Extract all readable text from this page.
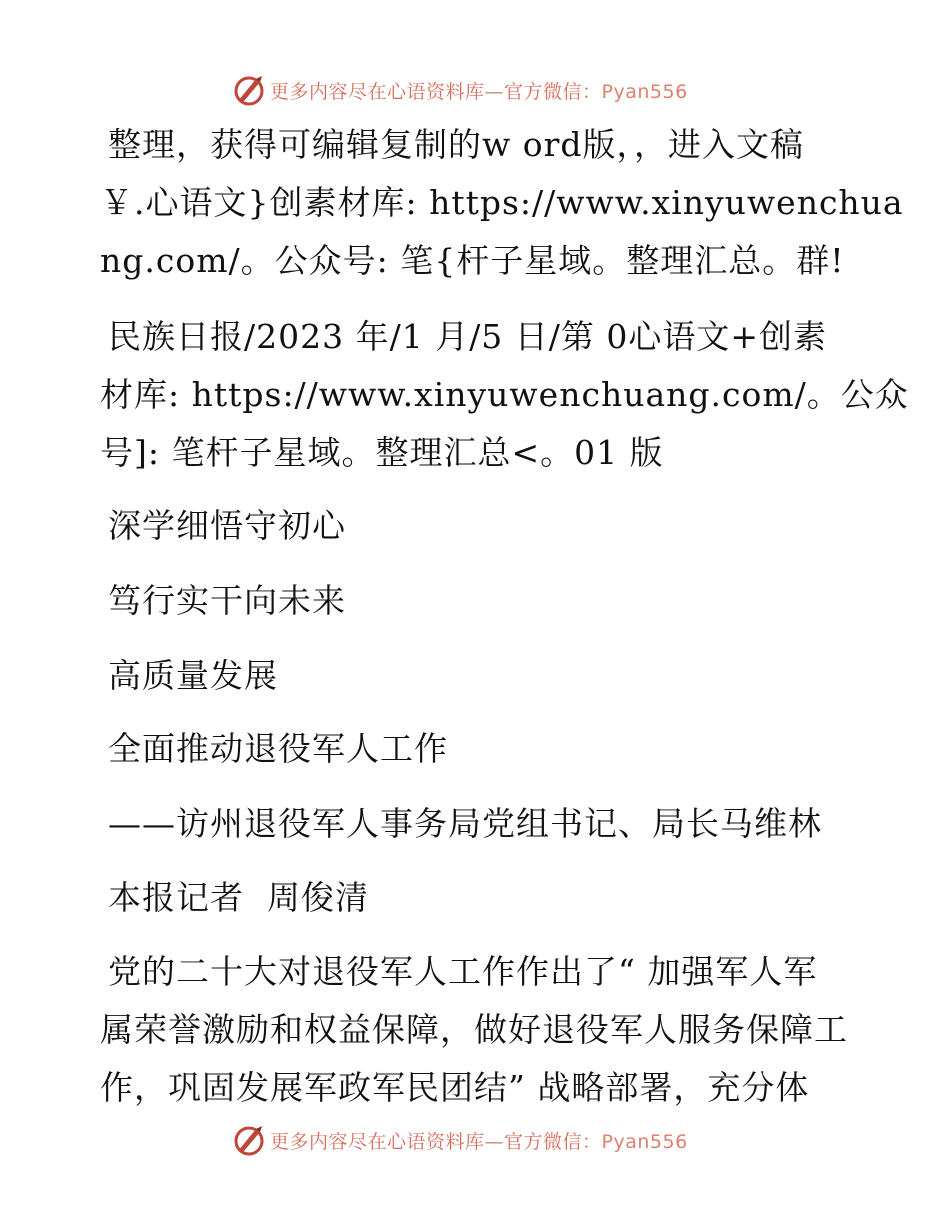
更多内容尽在心语资料库—官方微信：Pyan556
整理，获得可编辑复制的w ord版，，进入文稿
￥.心语文}创素材库: https://www.xinyuwenchua
ng.com/。公众号: 笔{杆子星域。整理汇总。群!
民族日报/2023 年/1 月/5 日/第 0心语文+创素
材库: https://www.xinyuwenchuang.com/。公众
号]: 笔杆子星域。整理汇总<。01 版
深学细悟守初心
笃行实干向未来
高质量发展
全面推动退役军人工作
——访州退役军人事务局党组书记、局长马维林
本报记者  周俊清
党的二十大对退役军人工作作出了“ 加强军人军
属荣誉激励和权益保障，做好退役军人服务保障工
作，巩固发展军政军民团结” 战略部署，充分体
更多内容尽在心语资料库—官方微信：Pyan556
